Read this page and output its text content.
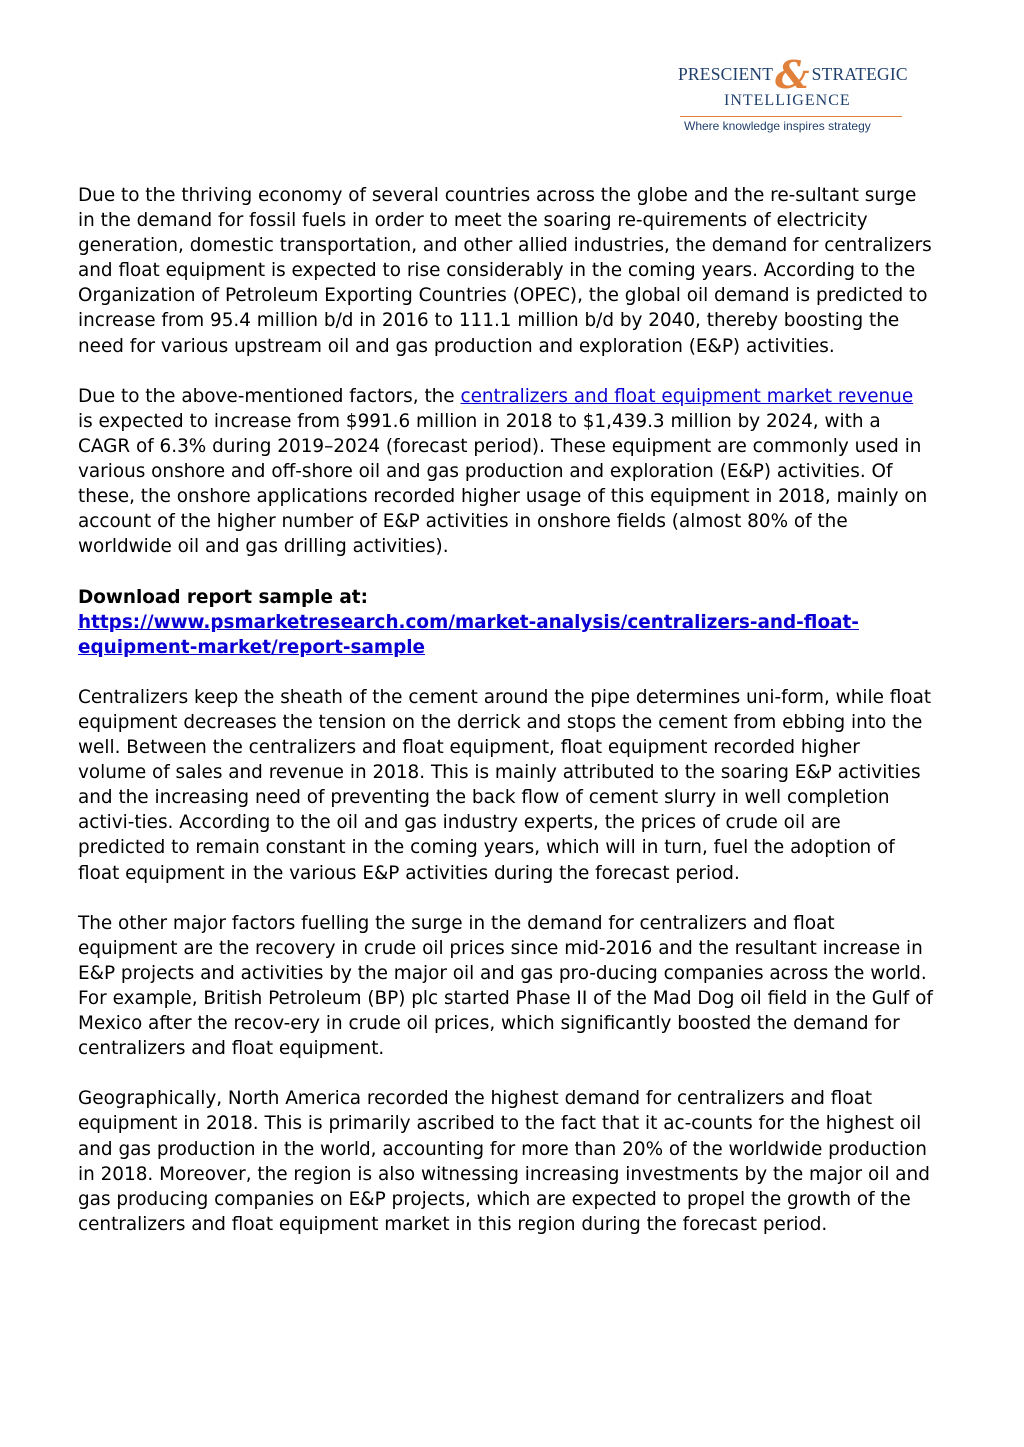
PRESCIENT& STRATEGIC
INTELLIGENCE
Where knowledge inspires strategy

Due to the thriving economy of several countries across the globe and the re-sultant surge in the demand for fossil fuels in order to meet the soaring re-quirements of electricity generation, domestic transportation, and other allied industries, the demand for centralizers and float equipment is expected to rise considerably in the coming years. According to the Organization of Petroleum Exporting Countries (OPEC), the global oil demand is predicted to increase from 95.4 million b/d in 2016 to 111.1 million b/d by 2040, thereby boosting the need for various upstream oil and gas production and exploration (E&P) activities.

Due to the above-mentioned factors, the centralizers and float equipment market revenue is expected to increase from $991.6 million in 2018 to $1,439.3 million by 2024, with a CAGR of 6.3% during 2019–2024 (forecast period). These equipment are commonly used in various onshore and off-shore oil and gas production and exploration (E&P) activities. Of these, the onshore applications recorded higher usage of this equipment in 2018, mainly on account of the higher number of E&P activities in onshore fields (almost 80% of the worldwide oil and gas drilling activities).

Download report sample at:
https://www.psmarketresearch.com/market-analysis/centralizers-and-float-equipment-market/report-sample

Centralizers keep the sheath of the cement around the pipe determines uni-form, while float equipment decreases the tension on the derrick and stops the cement from ebbing into the well. Between the centralizers and float equipment, float equipment recorded higher volume of sales and revenue in 2018. This is mainly attributed to the soaring E&P activities and the increasing need of preventing the back flow of cement slurry in well completion activi-ties. According to the oil and gas industry experts, the prices of crude oil are predicted to remain constant in the coming years, which will in turn, fuel the adoption of float equipment in the various E&P activities during the forecast period.

The other major factors fuelling the surge in the demand for centralizers and float equipment are the recovery in crude oil prices since mid-2016 and the resultant increase in E&P projects and activities by the major oil and gas pro-ducing companies across the world. For example, British Petroleum (BP) plc started Phase II of the Mad Dog oil field in the Gulf of Mexico after the recov-ery in crude oil prices, which significantly boosted the demand for centralizers and float equipment.

Geographically, North America recorded the highest demand for centralizers and float equipment in 2018. This is primarily ascribed to the fact that it ac-counts for the highest oil and gas production in the world, accounting for more than 20% of the worldwide production in 2018. Moreover, the region is also witnessing increasing investments by the major oil and gas producing companies on E&P projects, which are expected to propel the growth of the centralizers and float equipment market in this region during the forecast period.
